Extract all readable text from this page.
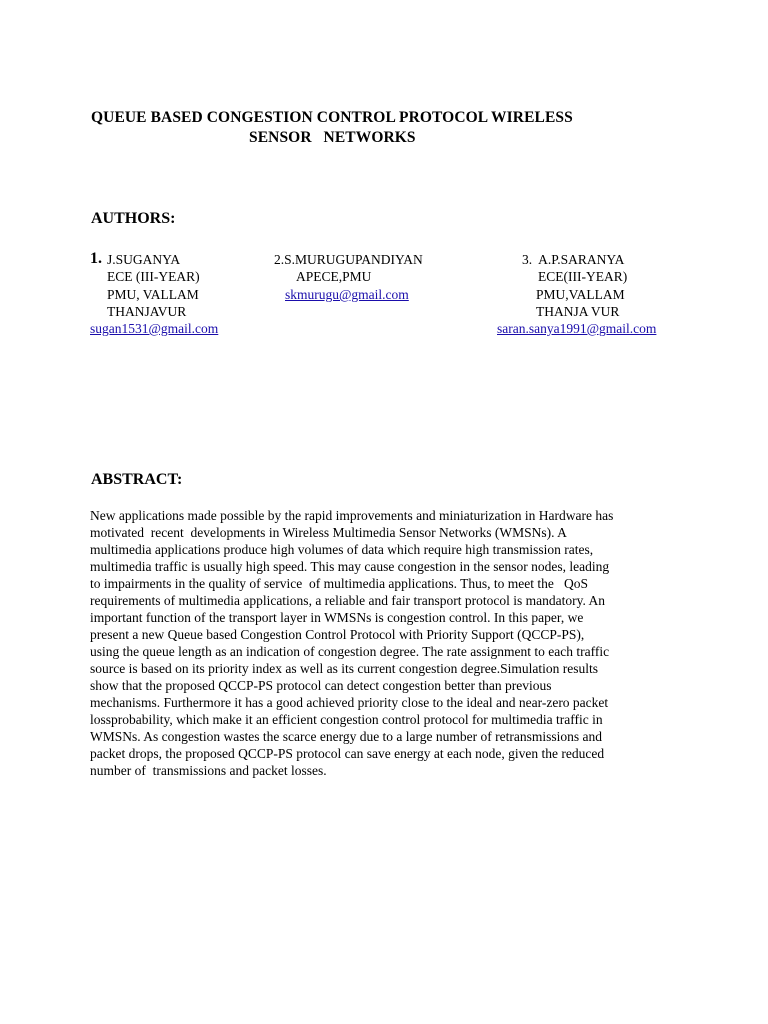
QUEUE BASED CONGESTION CONTROL PROTOCOL WIRELESS
SENSOR   NETWORKS
AUTHORS:
1. J.SUGANYA
ECE (III-YEAR)
PMU, VALLAM
THANJAVUR
sugan1531@gmail.com
2.S.MURUGUPANDIYAN
APECE,PMU
skmurugu@gmail.com
3.  A.P.SARANYA
ECE(III-YEAR)
PMU,VALLAM
THANJA VUR
saran.sanya1991@gmail.com
ABSTRACT:
New applications made possible by the rapid improvements and miniaturization in Hardware has
motivated  recent  developments in Wireless Multimedia Sensor Networks (WMSNs). A
multimedia applications produce high volumes of data which require high transmission rates,
multimedia traffic is usually high speed. This may cause congestion in the sensor nodes, leading
to impairments in the quality of service  of multimedia applications. Thus, to meet the   QoS
requirements of multimedia applications, a reliable and fair transport protocol is mandatory. An
important function of the transport layer in WMSNs is congestion control. In this paper, we
present a new Queue based Congestion Control Protocol with Priority Support (QCCP-PS),
using the queue length as an indication of congestion degree. The rate assignment to each traffic
source is based on its priority index as well as its current congestion degree.Simulation results
show that the proposed QCCP-PS protocol can detect congestion better than previous
mechanisms. Furthermore it has a good achieved priority close to the ideal and near-zero packet
lossprobability, which make it an efficient congestion control protocol for multimedia traffic in
WMSNs. As congestion wastes the scarce energy due to a large number of retransmissions and
packet drops, the proposed QCCP-PS protocol can save energy at each node, given the reduced
number of  transmissions and packet losses.
